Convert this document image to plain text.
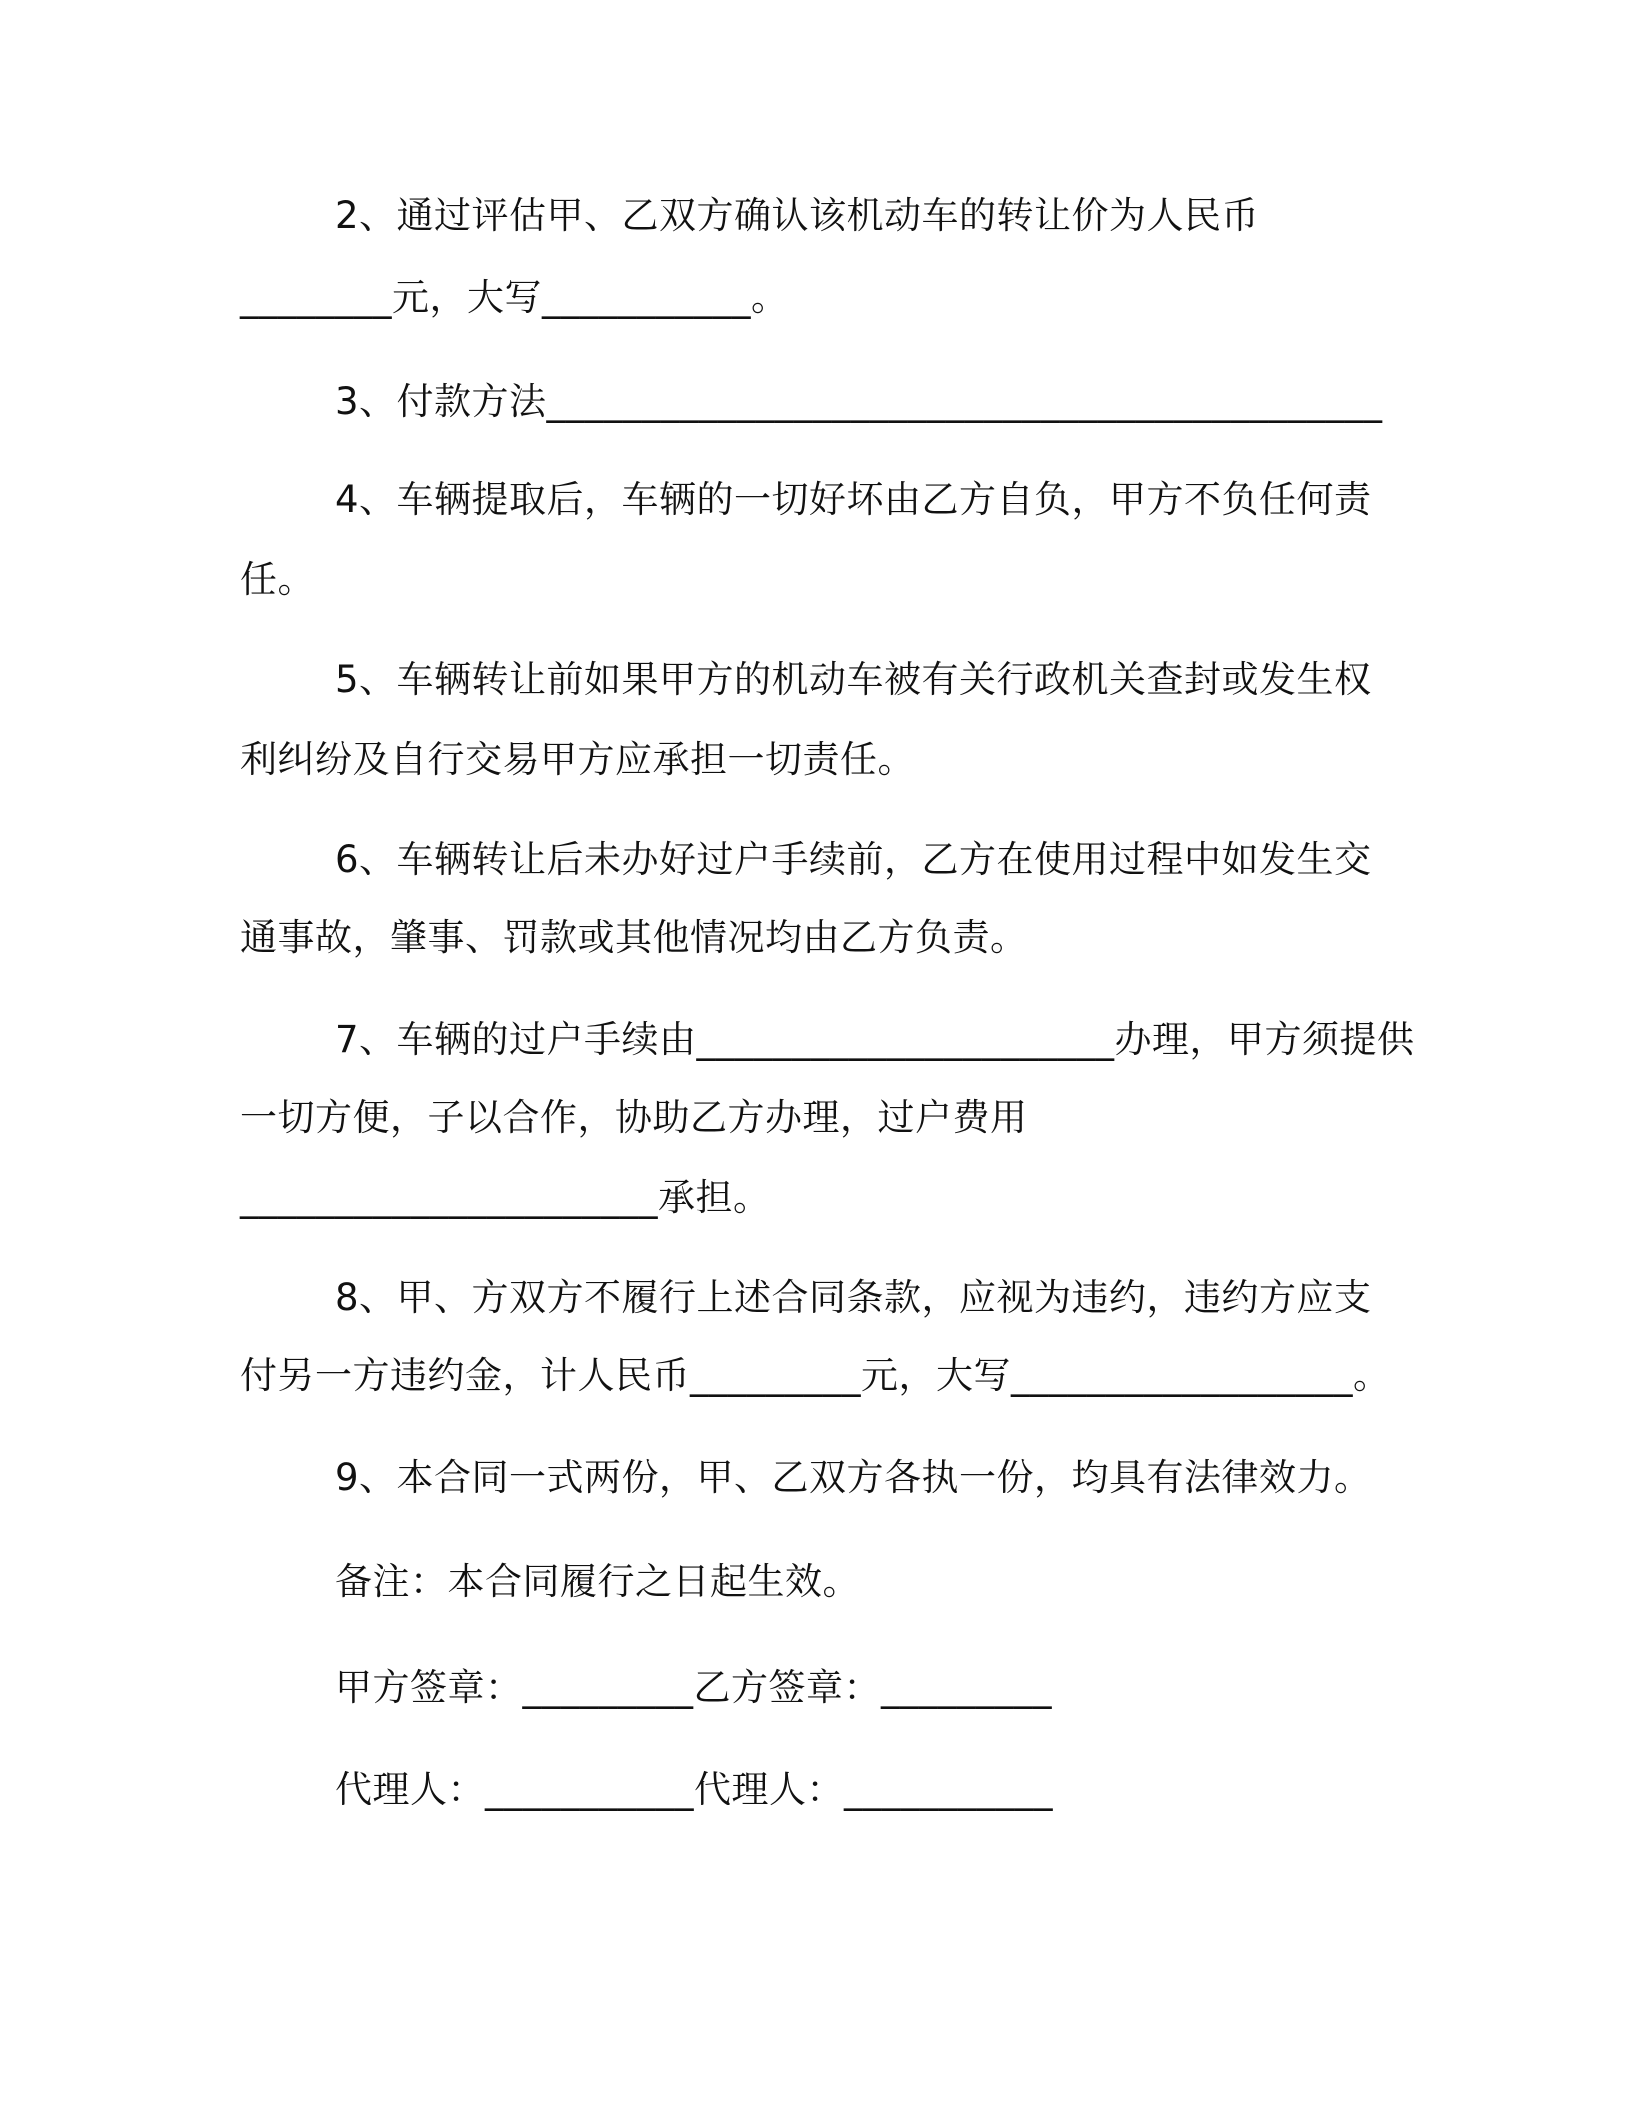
2、通过评估甲、乙双方确认该机动车的转让价为人民币
________元，大写___________。
3、付款方法____________________________________________
4、车辆提取后，车辆的一切好坏由乙方自负，甲方不负任何责
任。
5、车辆转让前如果甲方的机动车被有关行政机关查封或发生权
利纠纷及自行交易甲方应承担一切责任。
6、车辆转让后未办好过户手续前，乙方在使用过程中如发生交
通事故，肇事、罚款或其他情况均由乙方负责。
7、车辆的过户手续由______________________办理，甲方须提供
一切方便，子以合作，协助乙方办理，过户费用
______________________承担。
8、甲、方双方不履行上述合同条款，应视为违约，违约方应支
付另一方违约金，计人民币_________元，大写__________________。
9、本合同一式两份，甲、乙双方各执一份，均具有法律效力。
备注：本合同履行之日起生效。
甲方签章：_________乙方签章：_________
代理人：___________代理人：___________
